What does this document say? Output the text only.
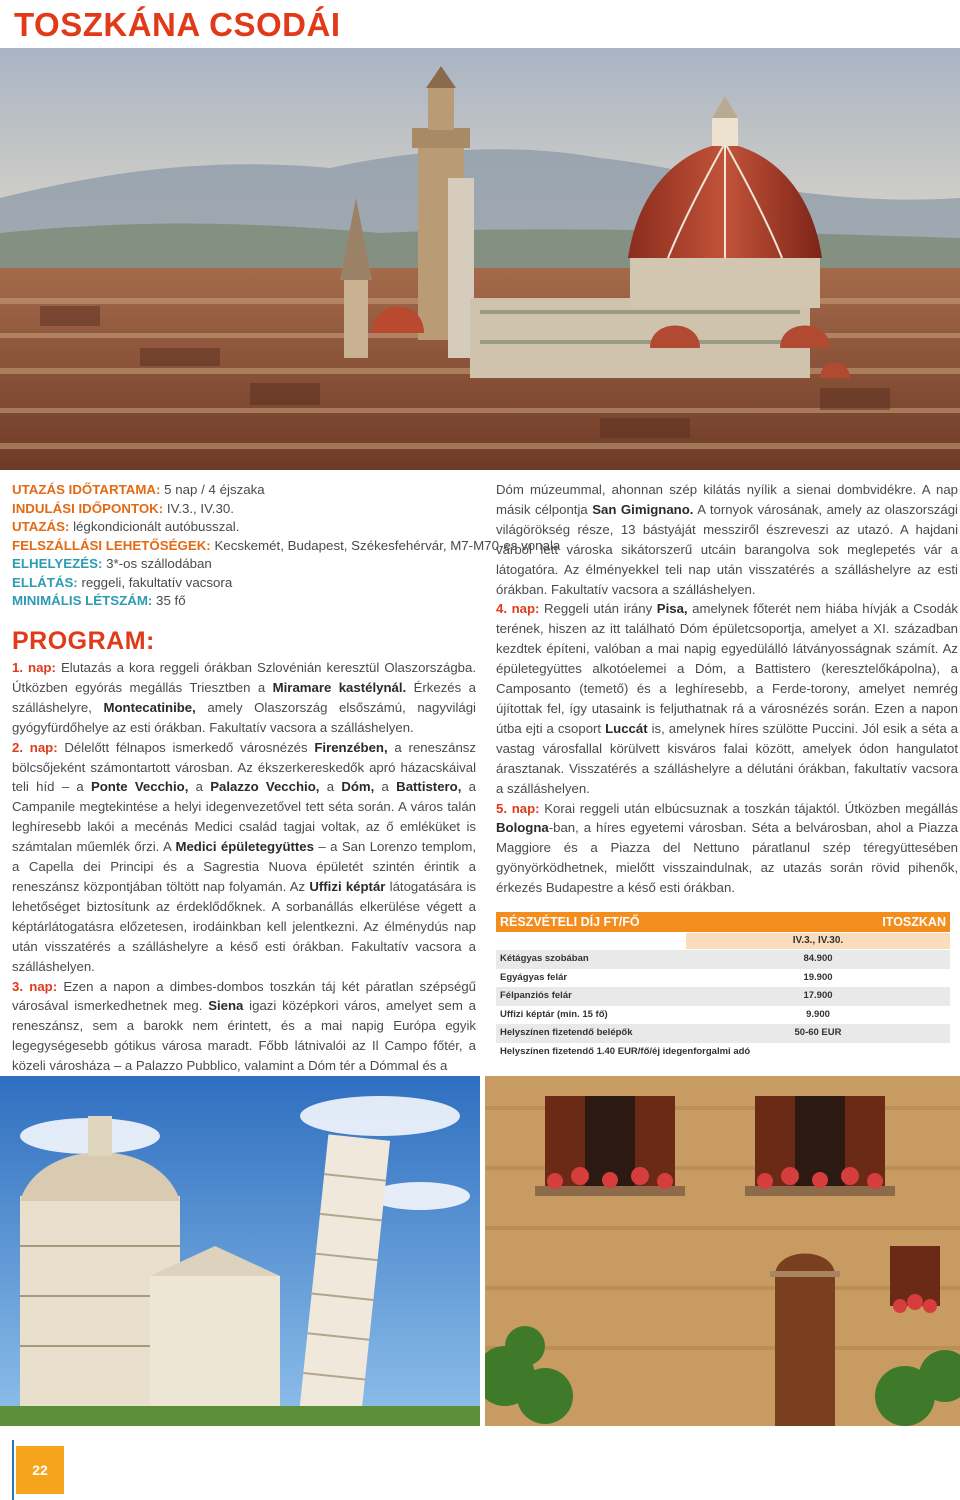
TOSZKÁNA CSODÁI
UTAZÁS IDŐTARTAMA: 5 nap / 4 éjszaka
INDULÁSI IDŐPONTOK: IV.3., IV.30.
UTAZÁS: légkondicionált autóbusszal.
FELSZÁLLÁSI LEHETŐSÉGEK: Kecskemét, Budapest, Székesfehérvár, M7-M70-es vonala
ELHELYEZÉS: 3*-os szállodában
ELLÁTÁS: reggeli, fakultatív vacsora
MINIMÁLIS LÉTSZÁM: 35 fő
PROGRAM:

1. nap: Elutazás a kora reggeli órákban Szlovénián keresztül Olaszországba. Útközben egyórás megállás Triesztben a Miramare kastélynál. Érkezés a szálláshelyre, Montecatinibe, amely Olaszország elsőszámú, nagyvilági gyógyfürdőhelye az esti órákban. Fakultatív vacsora a szálláshelyen.

2. nap: Délelőtt félnapos ismerkedő városnézés Firenzében, a reneszánsz bölcsőjeként számontartott városban. Az ékszerkereskedők apró házacskáival teli híd – a Ponte Vecchio, a Palazzo Vecchio, a Dóm, a Battistero, a Campanile megtekintése a helyi idegenvezetővel tett séta során. A város talán leghíresebb lakói a mecénás Medici család tagjai voltak, az ő emléküket is számtalan műemlék őrzi. A Medici épületegyüttes – a San Lorenzo templom, a Capella dei Principi és a Sagrestia Nuova épületét szintén érintik a reneszánsz központjában töltött nap folyamán. Az Uffizi képtár látogatására is lehetőséget biztosítunk az érdeklődőknek. A sorbanállás elkerülése végett a képtárlátogatásra előzetesen, irodáinkban kell jelentkezni. Az élménydús nap után visszatérés a szálláshelyre a késő esti órákban. Fakultatív vacsora a szálláshelyen.

3. nap: Ezen a napon a dimbes-dombos toszkán táj két páratlan szépségű városával ismerkedhetnek meg. Siena igazi középkori város, amelyet sem a reneszánsz, sem a barokk nem érintett, és a mai napig Európa egyik legegységesebb gótikus városa maradt. Főbb látnivalói az Il Campo főtér, a közeli városháza – a Palazzo Pubblico, valamint a Dóm tér a Dómmal és a

Dóm múzeummal, ahonnan szép kilátás nyílik a sienai dombvidékre. A nap másik célpontja San Gimignano. A tornyok városának, amely az olaszországi világörökség része, 13 bástyáját messziről észreveszi az utazó. A hajdani várból lett városka sikátorszerű utcáin barangolva sok meglepetés vár a látogatóra. Az élményekkel teli nap után visszatérés a szálláshelyre az esti órákban. Fakultatív vacsora a szálláshelyen.

4. nap: Reggeli után irány Pisa, amelynek főterét nem hiába hívják a Csodák terének, hiszen az itt található Dóm épületcsoportja, amelyet a XI. században kezdtek építeni, valóban a mai napig egyedülálló látványosságnak számít. Az épületegyüttes alkotóelemei a Dóm, a Battistero (keresztelőkápolna), a Camposanto (temető) és a leghíresebb, a Ferde-torony, amelyet nemrég újítottak fel, így utasaink is feljuthatnak rá a városnézés során. Ezen a napon útba ejti a csoport Luccát is, amelynek híres szülötte Puccini. Jól esik a séta a vastag városfallal körülvett kisváros falai között, amelyek ódon hangulatot árasztanak. Visszatérés a szálláshelyre a délutáni órákban, fakultatív vacsora a szálláshelyen.

5. nap: Korai reggeli után elbúcsuznak a toszkán tájaktól. Útközben megállás Bologna-ban, a híres egyetemi városban. Séta a belvárosban, ahol a Piazza Maggiore és a Piazza del Nettuno páratlanul szép téregyüttesében gyönyörködhetnek, mielőtt visszaindulnak, az utazás során rövid pihenők, érkezés Budapestre a késő esti órákban.

RÉSZVÉTELI DÍJ FT/FŐ	ITOSZKAN
IV.3., IV.30.
Kétágyas szobában	84.900
Egyágyas felár	19.900
Félpanziós felár	17.900
Uffizi képtár (min. 15 fő)	9.900
Helyszínen fizetendő belépők	50-60 EUR
Helyszínen fizetendő 1.40 EUR/fő/éj idegenforgalmi adó
22
